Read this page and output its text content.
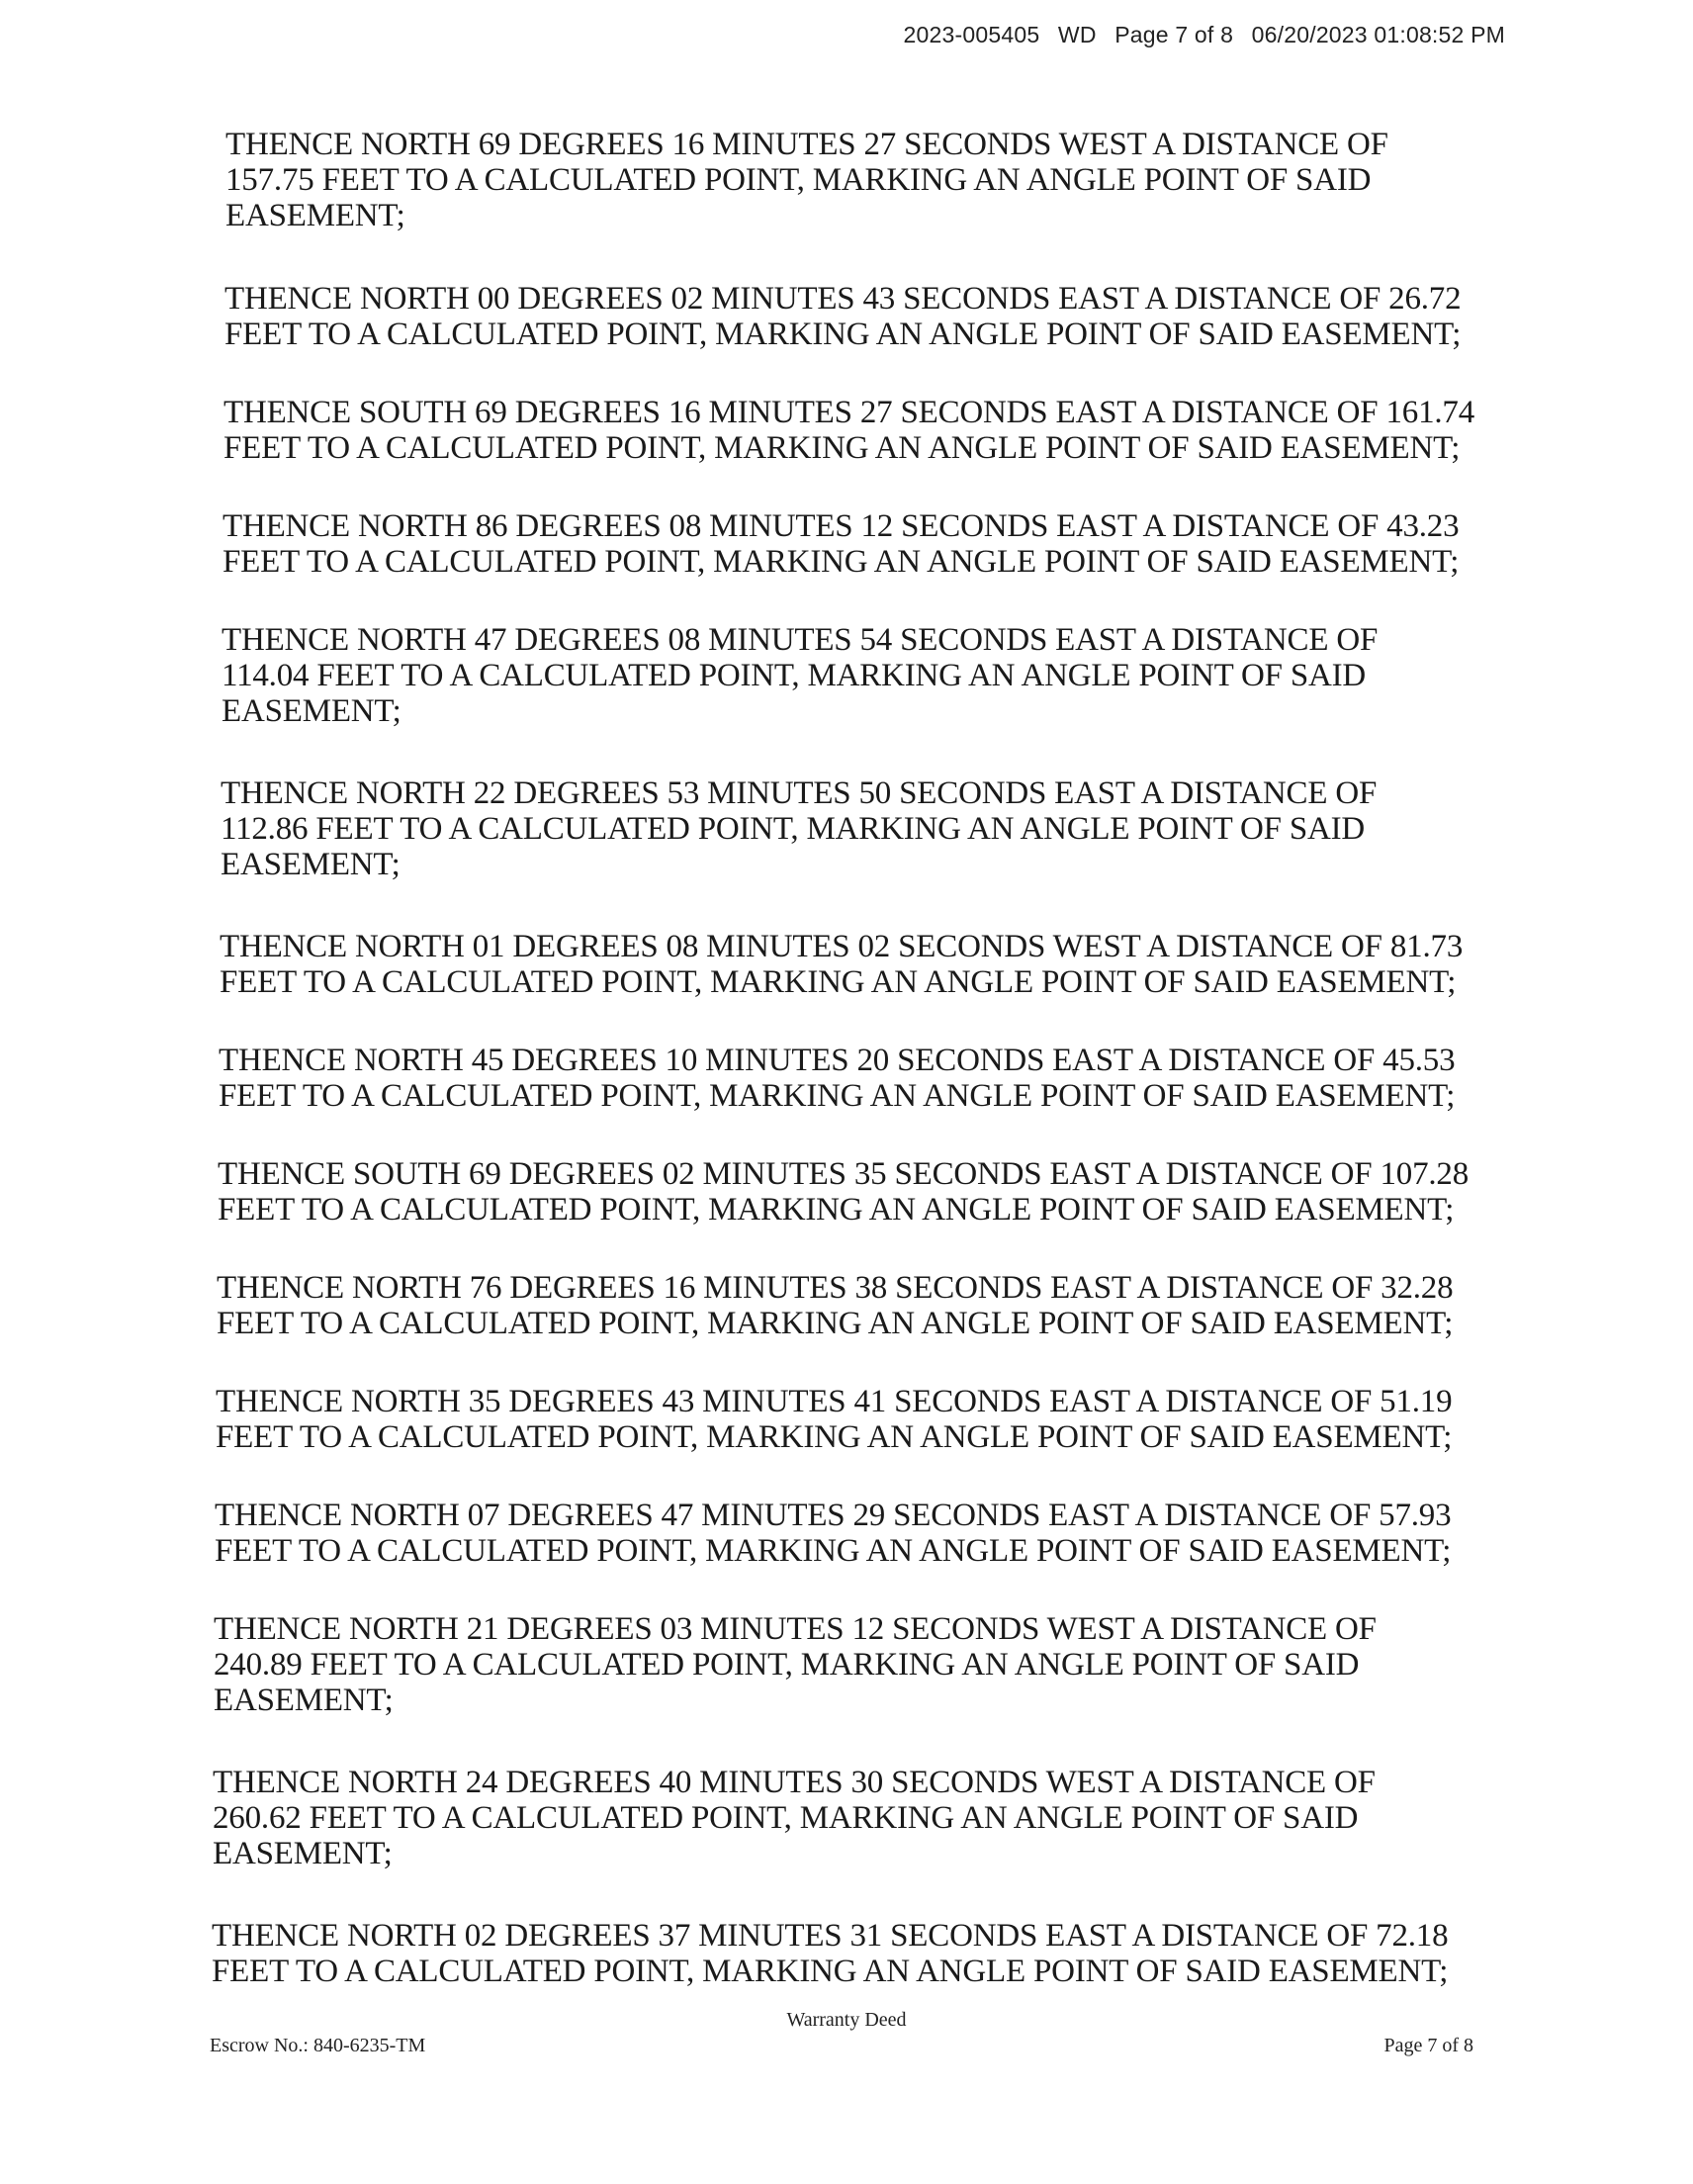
2023-005405 WD Page 7 of 8 06/20/2023 01:08:52 PM
THENCE NORTH 69 DEGREES 16 MINUTES 27 SECONDS WEST A DISTANCE OF
157.75 FEET TO A CALCULATED POINT, MARKING AN ANGLE POINT OF SAID
EASEMENT;
THENCE NORTH 00 DEGREES 02 MINUTES 43 SECONDS EAST A DISTANCE OF 26.72
FEET TO A CALCULATED POINT, MARKING AN ANGLE POINT OF SAID EASEMENT;
THENCE SOUTH 69 DEGREES 16 MINUTES 27 SECONDS EAST A DISTANCE OF 161.74
FEET TO A CALCULATED POINT, MARKING AN ANGLE POINT OF SAID EASEMENT;
THENCE NORTH 86 DEGREES 08 MINUTES 12 SECONDS EAST A DISTANCE OF 43.23
FEET TO A CALCULATED POINT, MARKING AN ANGLE POINT OF SAID EASEMENT;
THENCE NORTH 47 DEGREES 08 MINUTES 54 SECONDS EAST A DISTANCE OF
114.04 FEET TO A CALCULATED POINT, MARKING AN ANGLE POINT OF SAID
EASEMENT;
THENCE NORTH 22 DEGREES 53 MINUTES 50 SECONDS EAST A DISTANCE OF
112.86 FEET TO A CALCULATED POINT, MARKING AN ANGLE POINT OF SAID
EASEMENT;
THENCE NORTH 01 DEGREES 08 MINUTES 02 SECONDS WEST A DISTANCE OF 81.73
FEET TO A CALCULATED POINT, MARKING AN ANGLE POINT OF SAID EASEMENT;
THENCE NORTH 45 DEGREES 10 MINUTES 20 SECONDS EAST A DISTANCE OF 45.53
FEET TO A CALCULATED POINT, MARKING AN ANGLE POINT OF SAID EASEMENT;
THENCE SOUTH 69 DEGREES 02 MINUTES 35 SECONDS EAST A DISTANCE OF 107.28
FEET TO A CALCULATED POINT, MARKING AN ANGLE POINT OF SAID EASEMENT;
THENCE NORTH 76 DEGREES 16 MINUTES 38 SECONDS EAST A DISTANCE OF 32.28
FEET TO A CALCULATED POINT, MARKING AN ANGLE POINT OF SAID EASEMENT;
THENCE NORTH 35 DEGREES 43 MINUTES 41 SECONDS EAST A DISTANCE OF 51.19
FEET TO A CALCULATED POINT, MARKING AN ANGLE POINT OF SAID EASEMENT;
THENCE NORTH 07 DEGREES 47 MINUTES 29 SECONDS EAST A DISTANCE OF 57.93
FEET TO A CALCULATED POINT, MARKING AN ANGLE POINT OF SAID EASEMENT;
THENCE NORTH 21 DEGREES 03 MINUTES 12 SECONDS WEST A DISTANCE OF
240.89 FEET TO A CALCULATED POINT, MARKING AN ANGLE POINT OF SAID
EASEMENT;
THENCE NORTH 24 DEGREES 40 MINUTES 30 SECONDS WEST A DISTANCE OF
260.62 FEET TO A CALCULATED POINT, MARKING AN ANGLE POINT OF SAID
EASEMENT;
THENCE NORTH 02 DEGREES 37 MINUTES 31 SECONDS EAST A DISTANCE OF 72.18
FEET TO A CALCULATED POINT, MARKING AN ANGLE POINT OF SAID EASEMENT;
Warranty Deed
Escrow No.: 840-6235-TM	Page 7 of 8
